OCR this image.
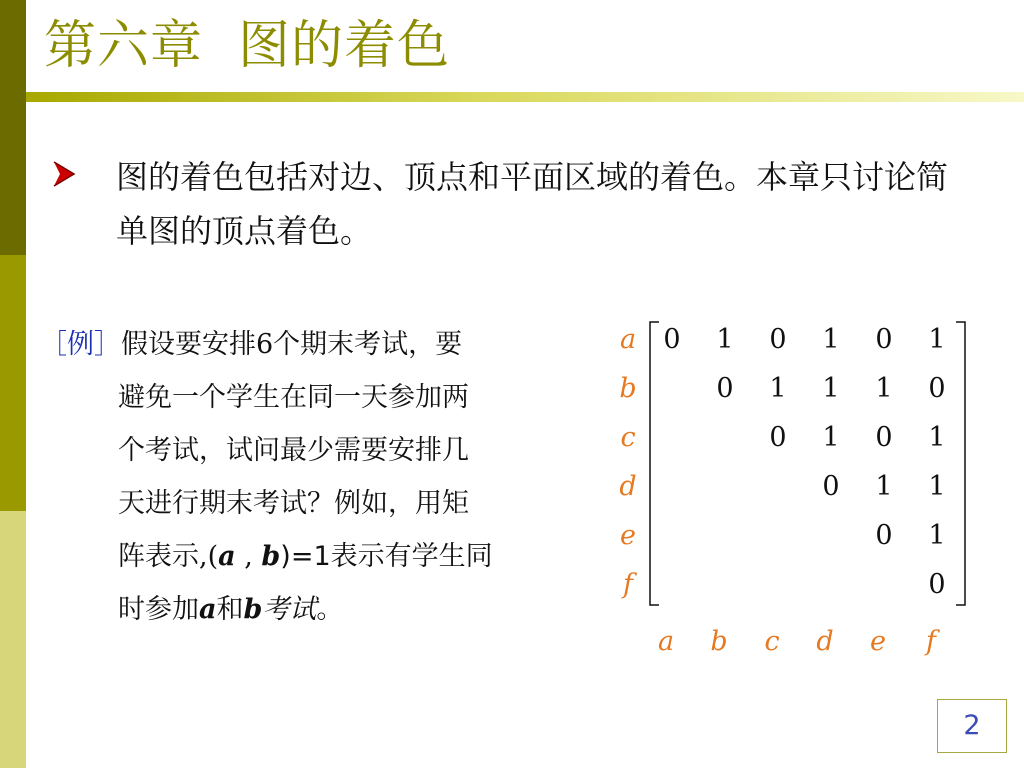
第六章  图的着色
图的着色包括对边、顶点和平面区域的着色。本章只讨论简单图的顶点着色。
［例］假设要安排6个期末考试，要
避免一个学生在同一天参加两
个考试，试问最少需要安排几
天进行期末考试？例如，用矩
阵表示,(a , b)=1表示有学生同
时参加a和b考试。
a
b
c
d
e
f
0 1 0 1 0 1
0 1 1 1 0
0 1 0 1
0 1 1
0 1
0
a b c d e f
2
